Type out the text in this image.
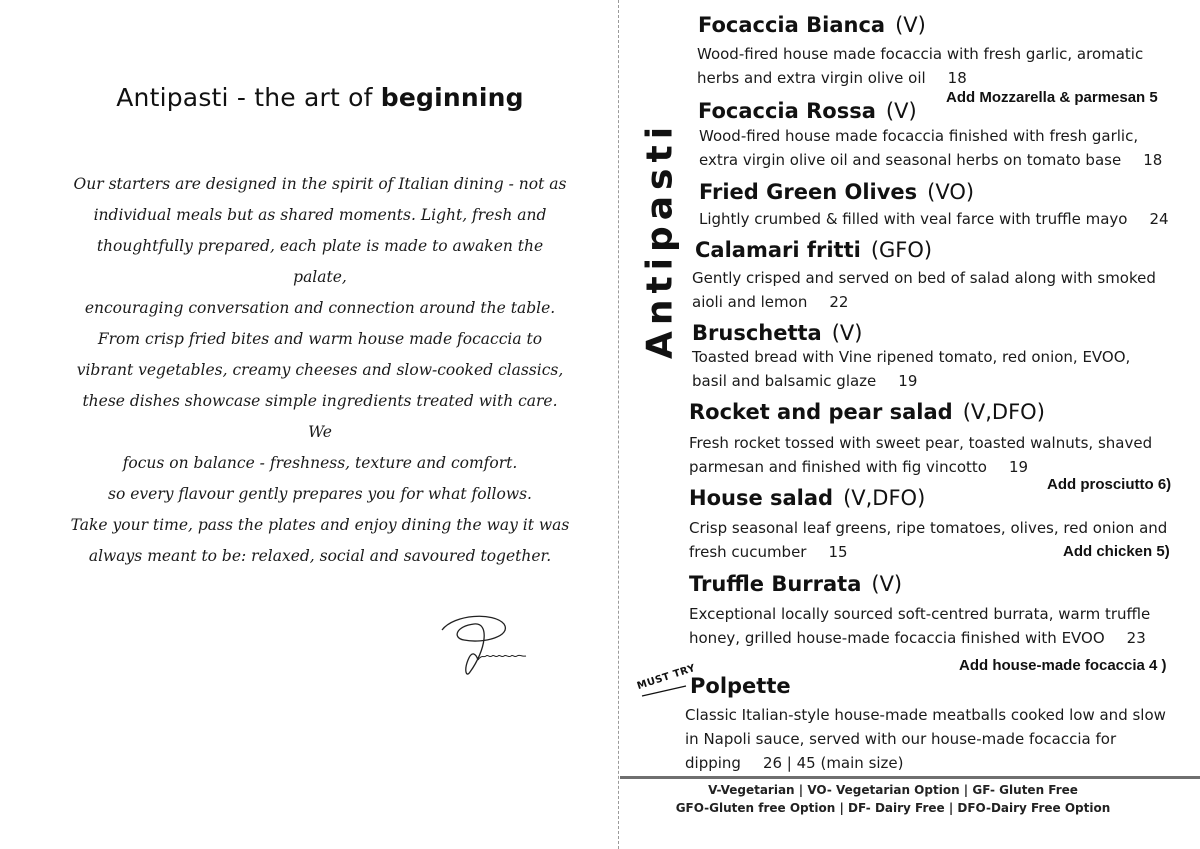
Antipasti - the art of beginning

Our starters are designed in the spirit of Italian dining - not as

individual meals but as shared moments. Light, fresh and

thoughtfully prepared, each plate is made to awaken the palate,

encouraging conversation and connection around the table.

From crisp fried bites and warm house made focaccia to

vibrant vegetables, creamy cheeses and slow-cooked classics,

these dishes showcase simple ingredients treated with care. We

focus on balance - freshness, texture and comfort.

so every flavour gently prepares you for what follows.

Take your time, pass the plates and enjoy dining the way it was

always meant to be: relaxed, social and savoured together.

Antipasti
Focaccia Bianca (V)
Wood-fired house made focaccia with fresh garlic, aromatic
herbs and extra virgin olive oil 18
Add Mozzarella & parmesan 5
Focaccia Rossa (V)
Wood-fired house made focaccia finished with fresh garlic,
extra virgin olive oil and seasonal herbs on tomato base 18
Fried Green Olives (VO)
Lightly crumbed & filled with veal farce with truffle mayo 24
Calamari fritti (GFO)
Gently crisped and served on bed of salad along with smoked
aioli and lemon 22
Bruschetta (V)
Toasted bread with Vine ripened tomato, red onion, EVOO,
basil and balsamic glaze 19
Rocket and pear salad (V,DFO)
Fresh rocket tossed with sweet pear, toasted walnuts, shaved
parmesan and finished with fig vincotto 19
Add prosciutto 6)
House salad (V,DFO)
Crisp seasonal leaf greens, ripe tomatoes, olives, red onion and
fresh cucumber 15	Add chicken 5)
Truffle Burrata (V)
Exceptional locally sourced soft-centred burrata, warm truffle
honey, grilled house-made focaccia finished with EVOO 23
Add house-made focaccia 4 )
MUST TRY
Polpette
Classic Italian-style house-made meatballs cooked low and slow
in Napoli sauce, served with our house-made focaccia for
dipping 26 | 45 (main size)
V-Vegetarian | VO- Vegetarian Option | GF- Gluten Free
GFO-Gluten free Option | DF- Dairy Free | DFO-Dairy Free Option
